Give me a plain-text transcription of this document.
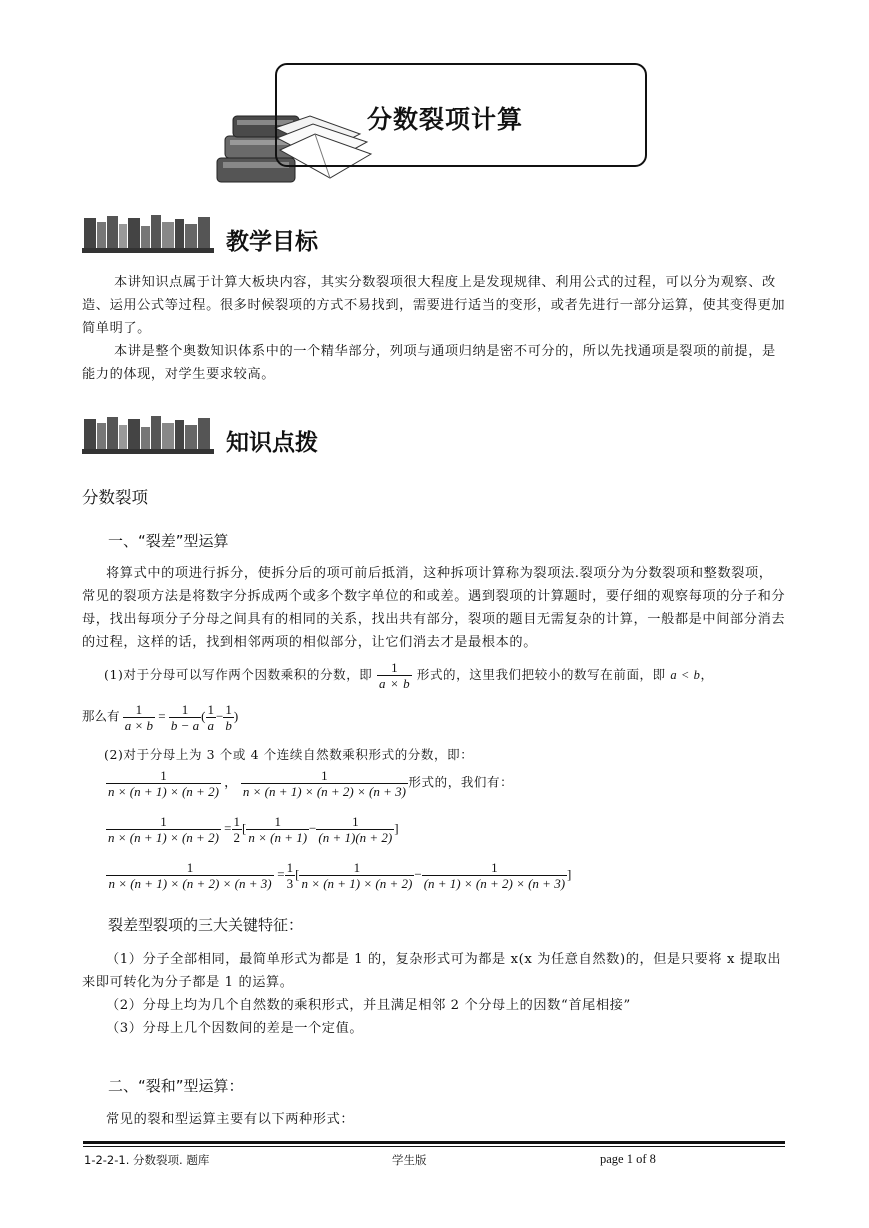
分数裂项计算
教学目标
本讲知识点属于计算大板块内容，其实分数裂项很大程度上是发现规律、利用公式的过程，可以分为观察、改造、运用公式等过程。很多时候裂项的方式不易找到，需要进行适当的变形，或者先进行一部分运算，使其变得更加简单明了。
本讲是整个奥数知识体系中的一个精华部分，列项与通项归纳是密不可分的，所以先找通项是裂项的前提，是能力的体现，对学生要求较高。
知识点拨
分数裂项
一、“裂差”型运算
将算式中的项进行拆分，使拆分后的项可前后抵消，这种拆项计算称为裂项法.裂项分为分数裂项和整数裂项，常见的裂项方法是将数字分拆成两个或多个数字单位的和或差。遇到裂项的计算题时，要仔细的观察每项的分子和分母，找出每项分子分母之间具有的相同的关系，找出共有部分，裂项的题目无需复杂的计算，一般都是中间部分消去的过程，这样的话，找到相邻两项的相似部分，让它们消去才是最根本的。
(1)对于分母可以写作两个因数乘积的分数，即 $\frac{1}{a \times b}$ 形式的，这里我们把较小的数写在前面，即 a < b，
那么有 $\frac{1}{a \times b} = \frac{1}{b - a}$ ( $\frac{1}{a} - \frac{1}{b}$ )
(2)对于分母上为 3 个或 4 个连续自然数乘积形式的分数，即：
$\frac{1}{n \times (n + 1) \times (n + 2)}$ ， $\frac{1}{n \times (n + 1) \times (n + 2) \times (n + 3)}$ 形式的，我们有：
$\frac{1}{n \times (n + 1) \times (n + 2)} = \frac{1}{2}$ [ $\frac{1}{n \times (n + 1)} - \frac{1}{(n + 1)(n + 2)}$ ]
$\frac{1}{n \times (n + 1) \times (n + 2) \times (n + 3)} = \frac{1}{3}$ [ $\frac{1}{n \times (n + 1) \times (n + 2)} - \frac{1}{(n + 1) \times (n + 2) \times (n + 3)}$ ]
裂差型裂项的三大关键特征：
（1）分子全部相同，最简单形式为都是 1 的，复杂形式可为都是 x(x 为任意自然数)的，但是只要将 x 提取出来即可转化为分子都是 1 的运算。
（2）分母上均为几个自然数的乘积形式，并且满足相邻 2 个分母上的因数“首尾相接”
（3）分母上几个因数间的差是一个定值。
二、“裂和”型运算：
常见的裂和型运算主要有以下两种形式：
1-2-2-1. 分数裂项. 题库	学生版	page 1 of 8
